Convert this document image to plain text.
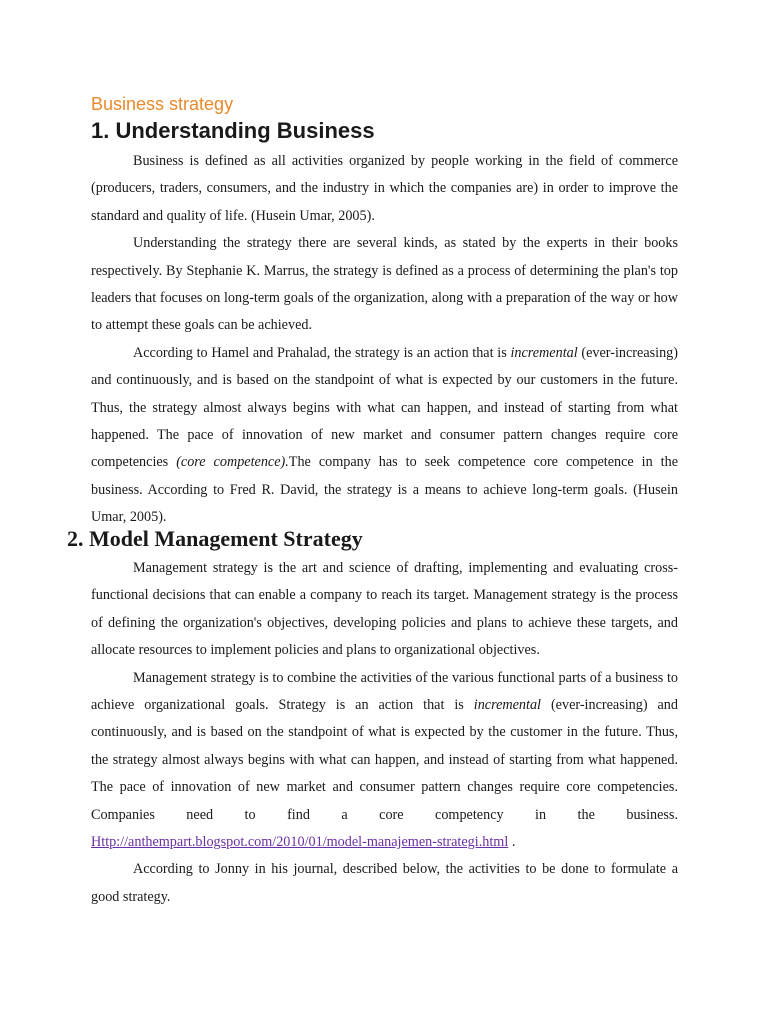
Business strategy
1. Understanding Business

Business is defined as all activities organized by people working in the field of commerce (producers, traders, consumers, and the industry in which the companies are) in order to improve the standard and quality of life. (Husein Umar, 2005).

Understanding the strategy there are several kinds, as stated by the experts in their books respectively. By Stephanie K. Marrus, the strategy is defined as a process of determining the plan's top leaders that focuses on long-term goals of the organization, along with a preparation of the way or how to attempt these goals can be achieved.

According to Hamel and Prahalad, the strategy is an action that is incremental (ever-increasing) and continuously, and is based on the standpoint of what is expected by our customers in the future. Thus, the strategy almost always begins with what can happen, and instead of starting from what happened. The pace of innovation of new market and consumer pattern changes require core competencies (core competence).The company has to seek competence core competence in the business. According to Fred R. David, the strategy is a means to achieve long-term goals. (Husein Umar, 2005).

2. Model Management Strategy

Management strategy is the art and science of drafting, implementing and evaluating cross-functional decisions that can enable a company to reach its target. Management strategy is the process of defining the organization's objectives, developing policies and plans to achieve these targets, and allocate resources to implement policies and plans to organizational objectives.

Management strategy is to combine the activities of the various functional parts of a business to achieve organizational goals. Strategy is an action that is incremental (ever-increasing) and continuously, and is based on the standpoint of what is expected by the customer in the future. Thus, the strategy almost always begins with what can happen, and instead of starting from what happened. The pace of innovation of new market and consumer pattern changes require core competencies. Companies need to find a core competency in the business. Http://anthempart.blogspot.com/2010/01/model-manajemen-strategi.html .

According to Jonny in his journal, described below, the activities to be done to formulate a good strategy.
